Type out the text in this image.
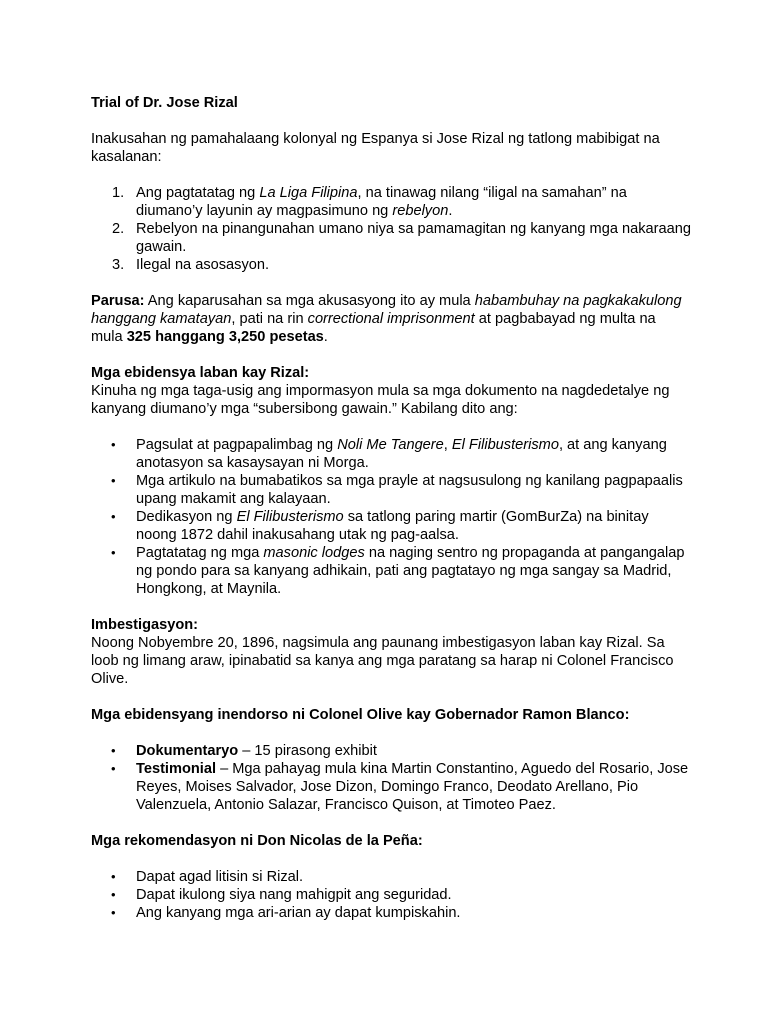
Trial of Dr. Jose Rizal

Inakusahan ng pamahalaang kolonyal ng Espanya si Jose Rizal ng tatlong mabibigat na kasalanan:

1. Ang pagtatatag ng La Liga Filipina, na tinawag nilang “iligal na samahan” na diumano’y layunin ay magpasimuno ng rebelyon.
2. Rebelyon na pinangunahan umano niya sa pamamagitan ng kanyang mga nakaraang gawain.
3. Ilegal na asosasyon.

Parusa: Ang kaparusahan sa mga akusasyong ito ay mula habambuhay na pagkakakulong hanggang kamatayan, pati na rin correctional imprisonment at pagbabayad ng multa na mula 325 hanggang 3,250 pesetas.

Mga ebidensya laban kay Rizal:

Kinuha ng mga taga-usig ang impormasyon mula sa mga dokumento na nagdedetalye ng kanyang diumano’y mga “subersibong gawain.” Kabilang dito ang:

• Pagsulat at pagpapalimbag ng Noli Me Tangere, El Filibusterismo, at ang kanyang anotasyon sa kasaysayan ni Morga.
• Mga artikulo na bumabatikos sa mga prayle at nagsusulong ng kanilang pagpapaalis upang makamit ang kalayaan.
• Dedikasyon ng El Filibusterismo sa tatlong paring martir (GomBurZa) na binitay noong 1872 dahil inakusahang utak ng pag-aalsa.
• Pagtatatag ng mga masonic lodges na naging sentro ng propaganda at pangangalap ng pondo para sa kanyang adhikain, pati ang pagtatayo ng mga sangay sa Madrid, Hongkong, at Maynila.

Imbestigasyon:

Noong Nobyembre 20, 1896, nagsimula ang paunang imbestigasyon laban kay Rizal. Sa loob ng limang araw, ipinabatid sa kanya ang mga paratang sa harap ni Colonel Francisco Olive.

Mga ebidensyang inendorso ni Colonel Olive kay Gobernador Ramon Blanco:

• Dokumentaryo – 15 pirasong exhibit
• Testimonial – Mga pahayag mula kina Martin Constantino, Aguedo del Rosario, Jose Reyes, Moises Salvador, Jose Dizon, Domingo Franco, Deodato Arellano, Pio Valenzuela, Antonio Salazar, Francisco Quison, at Timoteo Paez.

Mga rekomendasyon ni Don Nicolas de la Peña:

• Dapat agad litisin si Rizal.
• Dapat ikulong siya nang mahigpit ang seguridad.
• Ang kanyang mga ari-arian ay dapat kumpiskahin.
